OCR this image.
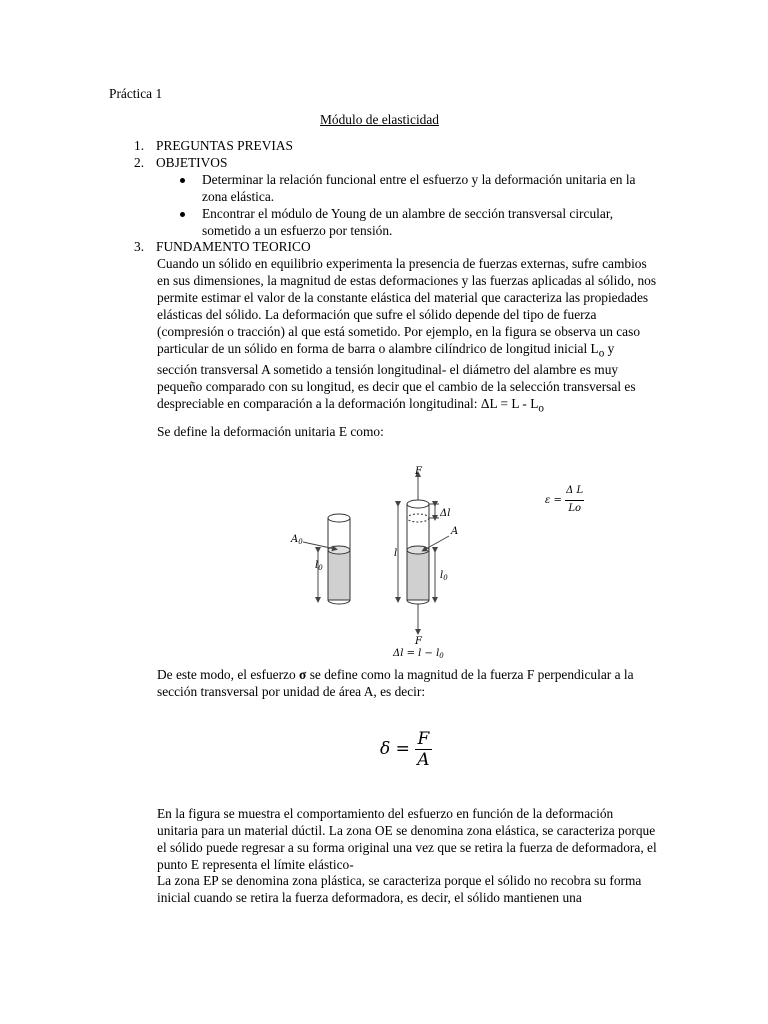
Práctica 1
Módulo de elasticidad
1. PREGUNTAS PREVIAS
2. OBJETIVOS
Determinar la relación funcional entre el esfuerzo y la deformación unitaria en la zona elástica.
Encontrar el módulo de Young de un alambre de sección transversal circular, sometido a un esfuerzo por tensión.
3. FUNDAMENTO TEORICO
Cuando un sólido en equilibrio experimenta la presencia de fuerzas externas, sufre cambios en sus dimensiones, la magnitud de estas deformaciones y las fuerzas aplicadas al sólido, nos permite estimar el valor de la constante elástica del material que caracteriza las propiedades elásticas del sólido. La deformación que sufre el sólido depende del tipo de fuerza (compresión o tracción) al que está sometido. Por ejemplo, en la figura se observa un caso particular de un sólido en forma de barra o alambre cilíndrico de longitud inicial $L_o$ y sección transversal A sometido a tensión longitudinal- el diámetro del alambre es muy pequeño comparado con su longitud, es decir que el cambio de la selección transversal es despreciable en comparación a la deformación longitudinal: $\Delta L = L - L_o$
Se define la deformación unitaria E como:
$A_0$
$l_0$
F
Δl
A
l
$l_0$
F
$\Delta l = l - l_0$
$\varepsilon = \frac{\text{Δ L}}{Lo}$
De este modo, el esfuerzo σ se define como la magnitud de la fuerza F perpendicular a la sección transversal por unidad de área A, es decir:
$\delta = \frac{F}{A}$
En la figura se muestra el comportamiento del esfuerzo en función de la deformación unitaria para un material dúctil. La zona OE se denomina zona elástica, se caracteriza porque el sólido puede regresar a su forma original una vez que se retira la fuerza de deformadora, el punto E representa el límite elástico-
La zona EP se denomina zona plástica, se caracteriza porque el sólido no recobra su forma inicial cuando se retira la fuerza deformadora, es decir, el sólido mantienen una
